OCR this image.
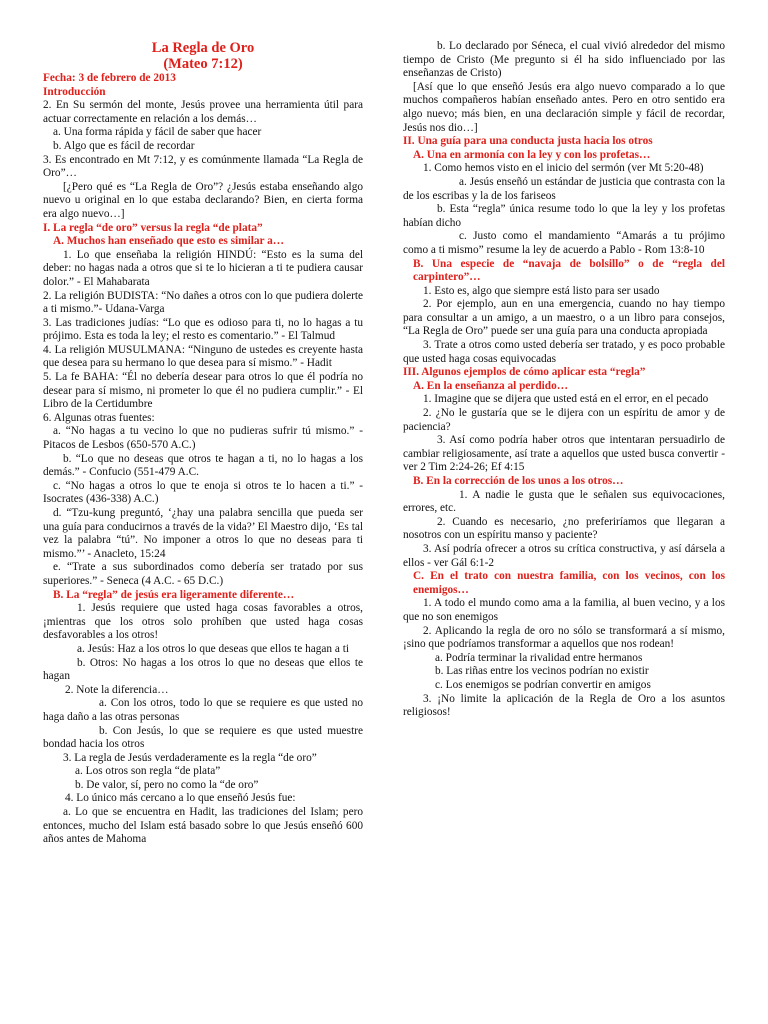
La Regla de Oro

(Mateo 7:12)

Fecha: 3 de febrero de 2013

Introducción

2. En Su sermón del monte, Jesús provee una herramienta útil para actuar correctamente en relación a los demás…

a. Una forma rápida y fácil de saber que hacer

b. Algo que es fácil de recordar

3. Es encontrado en Mt 7:12, y es comúnmente llamada “La Regla de Oro”…

[¿Pero qué es “La Regla de Oro”? ¿Jesús estaba enseñando algo nuevo u original en lo que estaba declarando? Bien, en cierta forma era algo nuevo…]

I. La regla “de oro” versus la regla “de plata”

A. Muchos han enseñado que esto es similar a…

1. Lo que enseñaba la religión HINDÚ: “Esto es la suma del deber: no hagas nada a otros que si te lo hicieran a ti te pudiera causar dolor.” - El Mahabarata

2. La religión BUDISTA: “No dañes a otros con lo que pudiera dolerte a ti mismo.”- Udana-Varga

3. Las tradiciones judías: “Lo que es odioso para ti, no lo hagas a tu prójimo. Esta es toda la ley; el resto es comentario.” - El Talmud

4. La religión MUSULMANA: “Ninguno de ustedes es creyente hasta que desea para su hermano lo que desea para sí mismo.” - Hadit

5. La fe BAHA: “Él no debería desear para otros lo que él podría no desear para sí mismo, ni prometer lo que él no pudiera cumplir.” - El Libro de la Certidumbre

6. Algunas otras fuentes:

a. “No hagas a tu vecino lo que no pudieras sufrir tú mismo.” - Pitacos de Lesbos (650-570 A.C.)

b. “Lo que no deseas que otros te hagan a ti, no lo hagas a los demás.” - Confucio (551-479 A.C.

c. “No hagas a otros lo que te enoja si otros te lo hacen a ti.” - Isocrates (436-338) A.C.)

d. “Tzu-kung preguntó, ‘¿hay una palabra sencilla que pueda ser una guía para conducirnos a través de la vida?’ El Maestro dijo, ‘Es tal vez la palabra “tú”. No imponer a otros lo que no deseas para ti mismo.”’ - Anacleto, 15:24

e. “Trate a sus subordinados como debería ser tratado por sus superiores.” - Seneca (4 A.C. - 65 D.C.)

B. La “regla” de jesús era ligeramente diferente…

1. Jesús requiere que usted haga cosas favorables a otros, ¡mientras que los otros solo prohíben que usted haga cosas desfavorables a los otros!

a. Jesús: Haz a los otros lo que deseas que ellos te hagan a ti

b. Otros: No hagas a los otros lo que no deseas que ellos te hagan

2. Note la diferencia…

a. Con los otros, todo lo que se requiere es que usted no haga daño a las otras personas

b. Con Jesús, lo que se requiere es que usted muestre bondad hacia los otros

3. La regla de Jesús verdaderamente es la regla “de oro”

a. Los otros son regla “de plata”

b. De valor, sí, pero no como la “de oro”

4. Lo único más cercano a lo que enseñó Jesús fue:

a. Lo que se encuentra en Hadit, las tradiciones del Islam; pero entonces, mucho del Islam está basado sobre lo que Jesús enseñó 600 años antes de Mahoma

b. Lo declarado por Séneca, el cual vivió alrededor del mismo tiempo de Cristo (Me pregunto si él ha sido influenciado por las enseñanzas de Cristo)

[Así que lo que enseñó Jesús era algo nuevo comparado a lo que muchos compañeros habían enseñado antes. Pero en otro sentido era algo nuevo; más bien, en una declaración simple y fácil de recordar, Jesús nos dio…]

II. Una guía para una conducta justa hacia los otros

A. Una en armonía con la ley y con los profetas…

1. Como hemos visto en el inicio del sermón (ver Mt 5:20-48)

a. Jesús enseñó un estándar de justicia que contrasta con la de los escribas y la de los fariseos

b. Esta “regla” única resume todo lo que la ley y los profetas habían dicho

c. Justo como el mandamiento “Amarás a tu prójimo como a ti mismo” resume la ley de acuerdo a Pablo - Rom 13:8-10

B. Una especie de “navaja de bolsillo” o de “regla del carpintero”…

1. Esto es, algo que siempre está listo para ser usado

2. Por ejemplo, aun en una emergencia, cuando no hay tiempo para consultar a un amigo, a un maestro, o a un libro para consejos, “La Regla de Oro” puede ser una guía para una conducta apropiada

3. Trate a otros como usted debería ser tratado, y es poco probable que usted haga cosas equivocadas

III. Algunos ejemplos de cómo aplicar esta “regla”

A. En la enseñanza al perdido…

1. Imagine que se dijera que usted está en el error, en el pecado

2. ¿No le gustaría que se le dijera con un espíritu de amor y de paciencia?

3. Así como podría haber otros que intentaran persuadirlo de cambiar religiosamente, así trate a aquellos que usted busca convertir - ver 2 Tim 2:24-26; Ef 4:15

B. En la corrección de los unos a los otros…

1. A nadie le gusta que le señalen sus equivocaciones, errores, etc.

2. Cuando es necesario, ¿no preferiríamos que llegaran a nosotros con un espíritu manso y paciente?

3. Así podría ofrecer a otros su crítica constructiva, y así dársela a ellos - ver Gál 6:1-2

C. En el trato con nuestra familia, con los vecinos, con los enemigos…

1. A todo el mundo como ama a la familia, al buen vecino, y a los que no son enemigos

2. Aplicando la regla de oro no sólo se transformará a sí mismo, ¡sino que podríamos transformar a aquellos que nos rodean!

a. Podría terminar la rivalidad entre hermanos

b. Las riñas entre los vecinos podrían no existir

c. Los enemigos se podrían convertir en amigos

3. ¡No limite la aplicación de la Regla de Oro a los asuntos religiosos!
